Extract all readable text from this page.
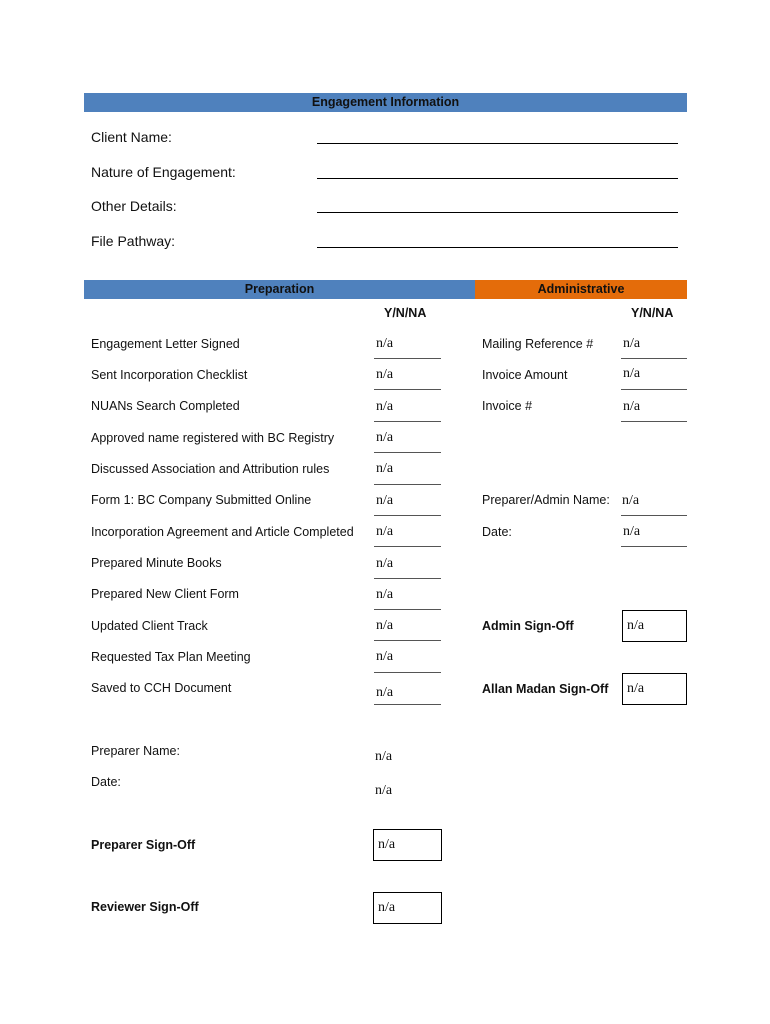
Engagement Information
Client Name:
Nature of Engagement:
Other Details:
File Pathway:
Preparation	Administrative
Y/N/NA	Y/N/NA
Engagement Letter Signed	n/a
Sent Incorporation Checklist	n/a
NUANs Search Completed	n/a
Approved name registered with BC Registry	n/a
Discussed Association and Attribution rules	n/a
Form 1: BC Company Submitted Online	n/a
Incorporation Agreement and Article Completed n/a
Prepared Minute Books	n/a
Prepared New Client Form	n/a
Updated Client Track	n/a
Requested Tax Plan Meeting	n/a
Saved to CCH Document	n/a
Mailing Reference # n/a
Invoice Amount	n/a
Invoice #	n/a
Preparer/Admin Name: n/a
Date:	n/a
Admin Sign-Off	n/a
Allan Madan Sign-Off	n/a
Preparer Name:	n/a
Date:
n/a
Preparer Sign-Off	n/a
Reviewer Sign-Off	n/a
